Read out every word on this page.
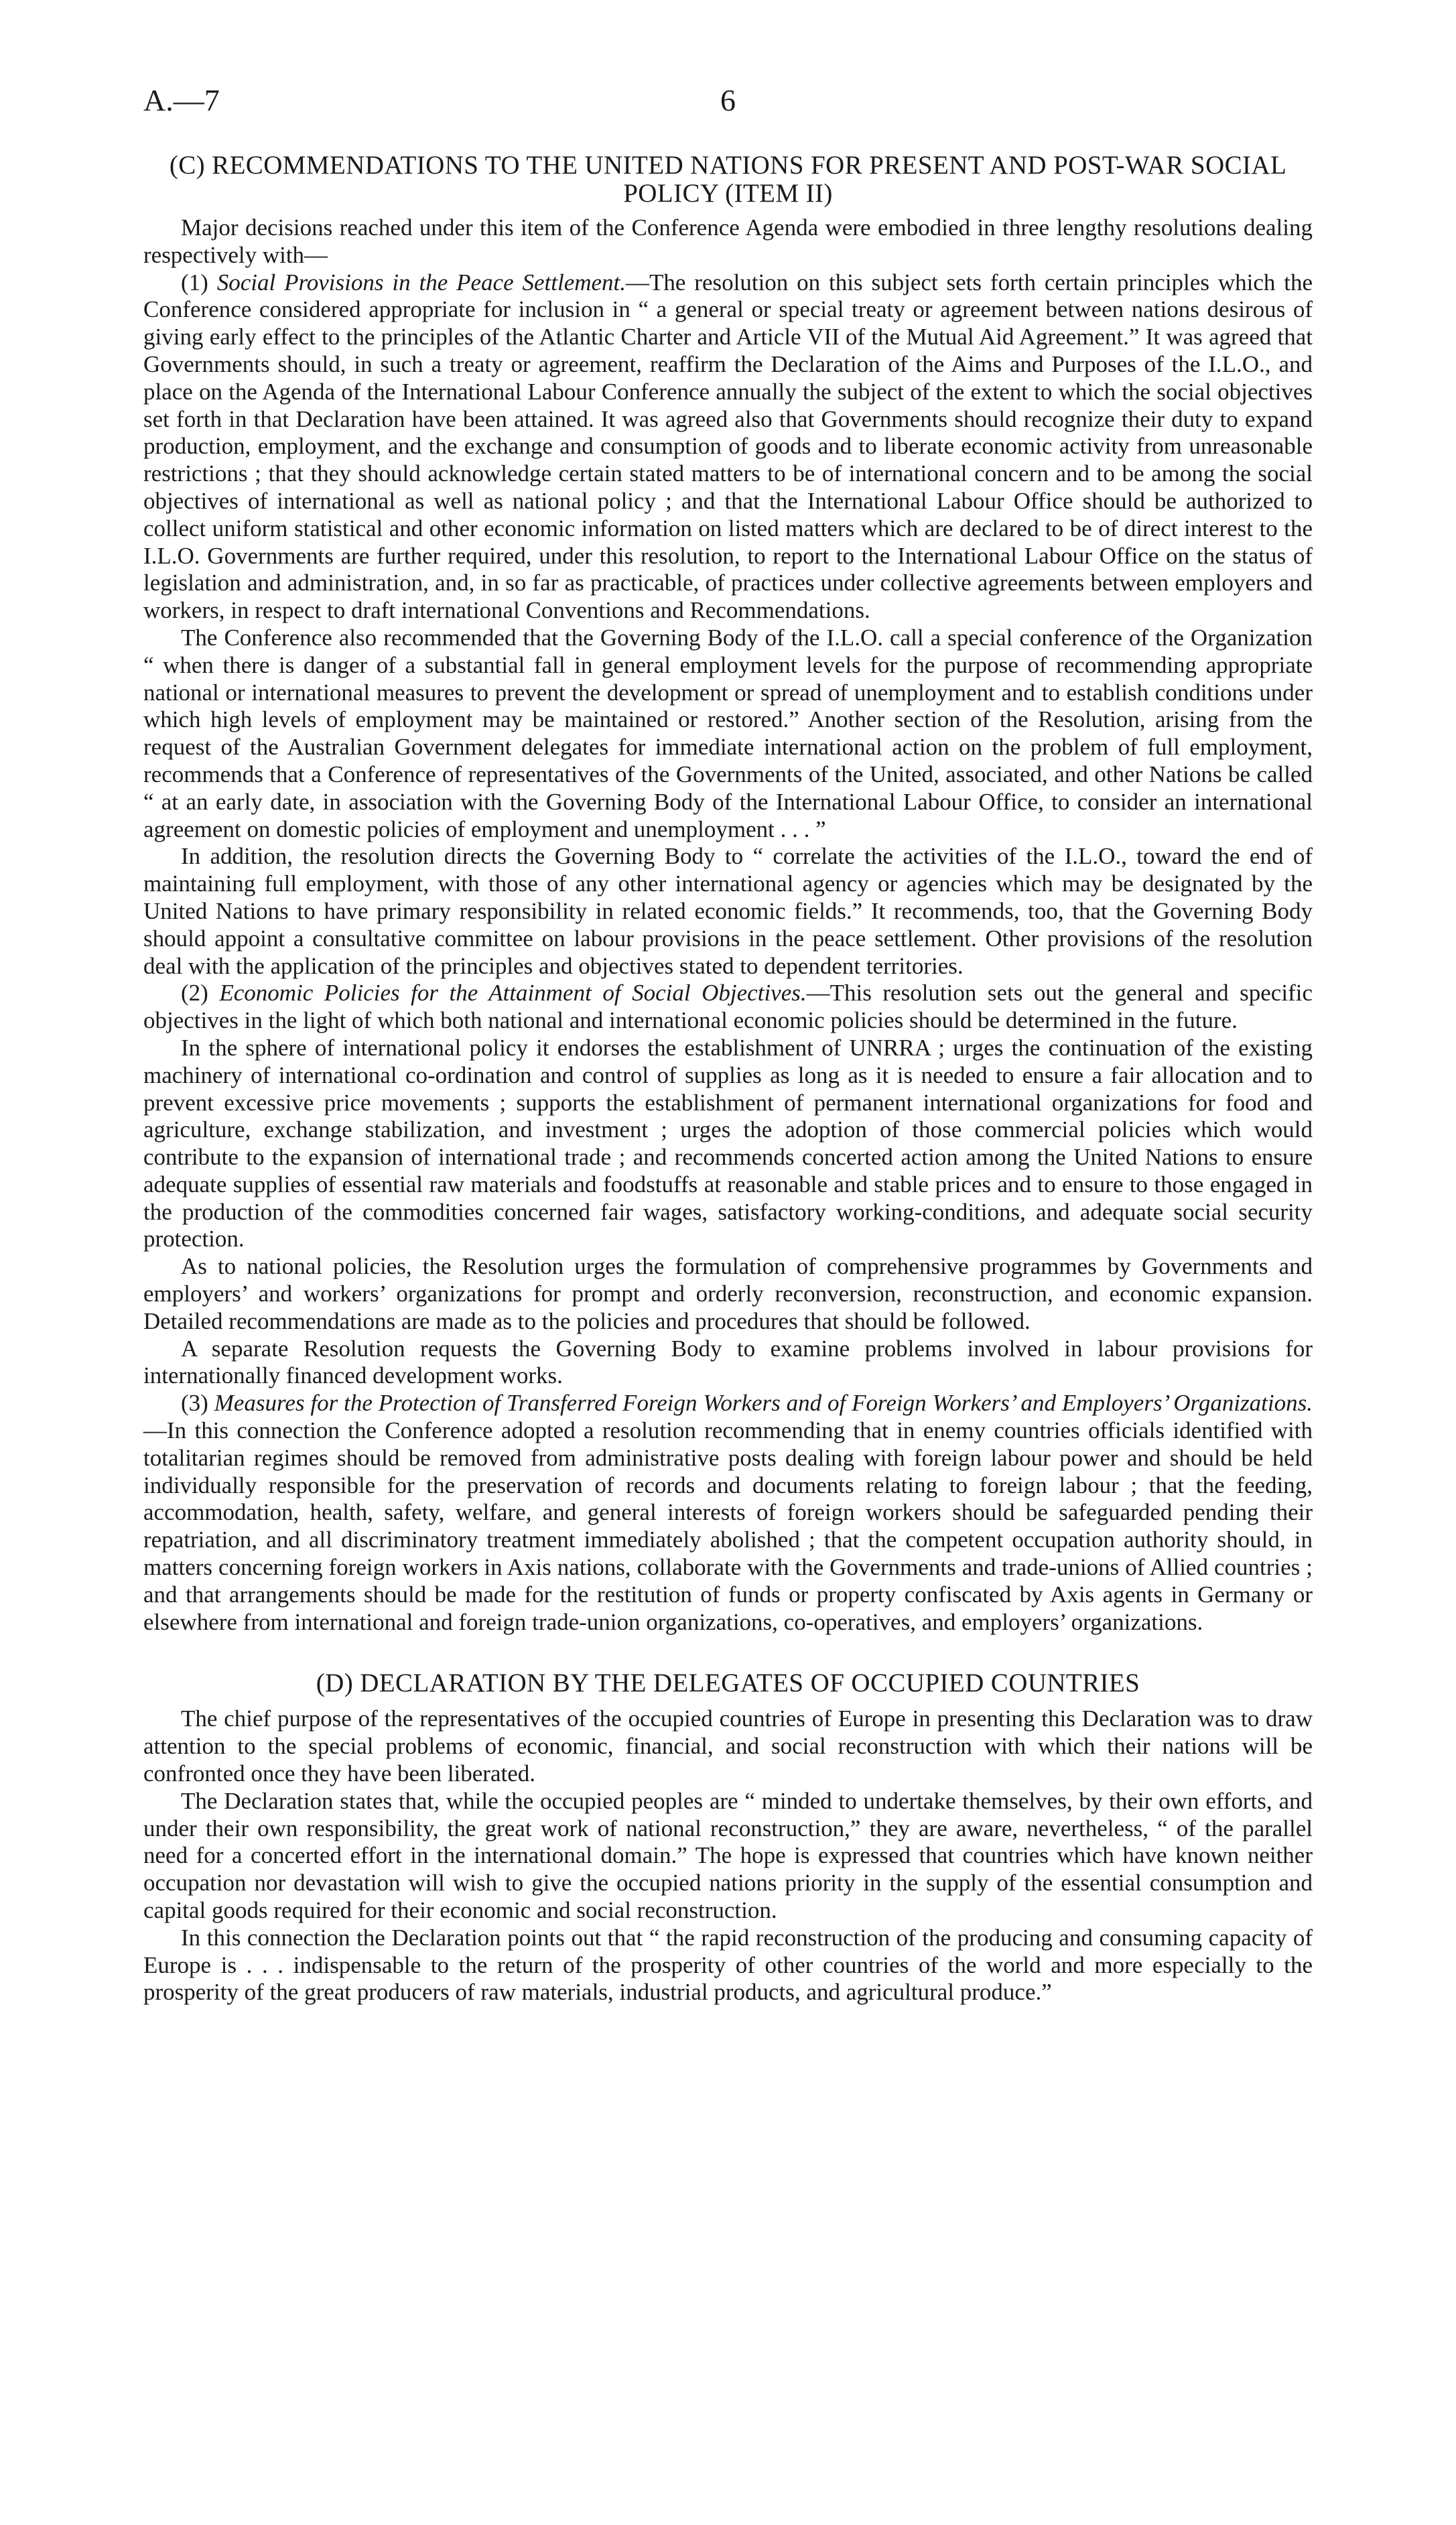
A.—7	6
(C) RECOMMENDATIONS TO THE UNITED NATIONS FOR PRESENT AND POST-WAR SOCIAL POLICY (ITEM II)

Major decisions reached under this item of the Conference Agenda were embodied in three lengthy resolutions dealing respectively with—

(1) Social Provisions in the Peace Settlement.—The resolution on this subject sets forth certain principles which the Conference considered appropriate for inclusion in “ a general or special treaty or agreement between nations desirous of giving early effect to the principles of the Atlantic Charter and Article VII of the Mutual Aid Agreement.” It was agreed that Governments should, in such a treaty or agreement, reaffirm the Declaration of the Aims and Purposes of the I.L.O., and place on the Agenda of the International Labour Conference annually the subject of the extent to which the social objectives set forth in that Declaration have been attained. It was agreed also that Governments should recognize their duty to expand production, employment, and the exchange and consumption of goods and to liberate economic activity from unreasonable restrictions ; that they should acknowledge certain stated matters to be of international concern and to be among the social objectives of international as well as national policy ; and that the International Labour Office should be authorized to collect uniform statistical and other economic information on listed matters which are declared to be of direct interest to the I.L.O. Governments are further required, under this resolution, to report to the International Labour Office on the status of legislation and administration, and, in so far as practicable, of practices under collective agreements between employers and workers, in respect to draft international Conventions and Recommendations.

The Conference also recommended that the Governing Body of the I.L.O. call a special conference of the Organization “ when there is danger of a substantial fall in general employment levels for the purpose of recommending appropriate national or international measures to prevent the development or spread of unemployment and to establish conditions under which high levels of employment may be maintained or restored.” Another section of the Resolution, arising from the request of the Australian Government delegates for immediate international action on the problem of full employment, recommends that a Conference of representatives of the Governments of the United, associated, and other Nations be called “ at an early date, in association with the Governing Body of the International Labour Office, to consider an international agreement on domestic policies of employment and unemployment . . . ”

In addition, the resolution directs the Governing Body to “ correlate the activities of the I.L.O., toward the end of maintaining full employment, with those of any other international agency or agencies which may be designated by the United Nations to have primary responsibility in related economic fields.” It recommends, too, that the Governing Body should appoint a consultative committee on labour provisions in the peace settlement. Other provisions of the resolution deal with the application of the principles and objectives stated to dependent territories.

(2) Economic Policies for the Attainment of Social Objectives.—This resolution sets out the general and specific objectives in the light of which both national and international economic policies should be determined in the future.

In the sphere of international policy it endorses the establishment of UNRRA ; urges the continuation of the existing machinery of international co-ordination and control of supplies as long as it is needed to ensure a fair allocation and to prevent excessive price movements ; supports the establishment of permanent international organizations for food and agriculture, exchange stabilization, and investment ; urges the adoption of those commercial policies which would contribute to the expansion of international trade ; and recommends concerted action among the United Nations to ensure adequate supplies of essential raw materials and foodstuffs at reasonable and stable prices and to ensure to those engaged in the production of the commodities concerned fair wages, satisfactory working-conditions, and adequate social security protection.

As to national policies, the Resolution urges the formulation of comprehensive programmes by Governments and employers’ and workers’ organizations for prompt and orderly reconversion, reconstruction, and economic expansion. Detailed recommendations are made as to the policies and procedures that should be followed.

A separate Resolution requests the Governing Body to examine problems involved in labour provisions for internationally financed development works.

(3) Measures for the Protection of Transferred Foreign Workers and of Foreign Workers’ and Employers’ Organizations.—In this connection the Conference adopted a resolution recommending that in enemy countries officials identified with totalitarian regimes should be removed from administrative posts dealing with foreign labour power and should be held individually responsible for the preservation of records and documents relating to foreign labour ; that the feeding, accommodation, health, safety, welfare, and general interests of foreign workers should be safeguarded pending their repatriation, and all discriminatory treatment immediately abolished ; that the competent occupation authority should, in matters concerning foreign workers in Axis nations, collaborate with the Governments and trade-unions of Allied countries ; and that arrangements should be made for the restitution of funds or property confiscated by Axis agents in Germany or elsewhere from international and foreign trade-union organizations, co-operatives, and employers’ organizations.

(D) DECLARATION BY THE DELEGATES OF OCCUPIED COUNTRIES

The chief purpose of the representatives of the occupied countries of Europe in presenting this Declaration was to draw attention to the special problems of economic, financial, and social reconstruction with which their nations will be confronted once they have been liberated.

The Declaration states that, while the occupied peoples are “ minded to undertake themselves, by their own efforts, and under their own responsibility, the great work of national reconstruction,” they are aware, nevertheless, “ of the parallel need for a concerted effort in the international domain.” The hope is expressed that countries which have known neither occupation nor devastation will wish to give the occupied nations priority in the supply of the essential consumption and capital goods required for their economic and social reconstruction.

In this connection the Declaration points out that “ the rapid reconstruction of the producing and consuming capacity of Europe is . . . indispensable to the return of the prosperity of other countries of the world and more especially to the prosperity of the great producers of raw materials, industrial products, and agricultural produce.”
